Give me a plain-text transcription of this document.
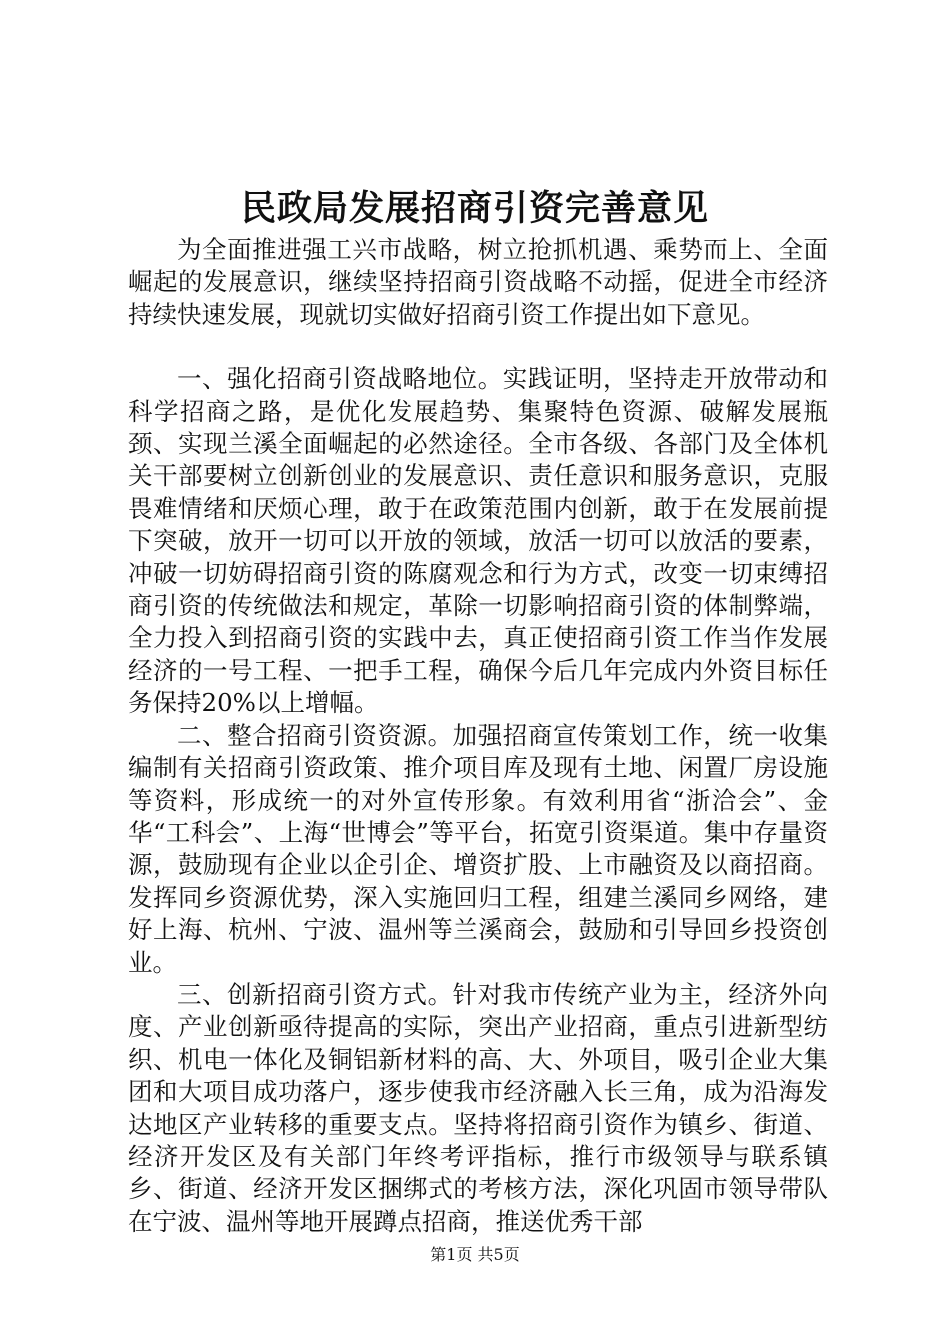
民政局发展招商引资完善意见

为全面推进强工兴市战略，树立抢抓机遇、乘势而上、全面崛起的发展意识，继续坚持招商引资战略不动摇，促进全市经济持续快速发展，现就切实做好招商引资工作提出如下意见。

一、强化招商引资战略地位。实践证明，坚持走开放带动和科学招商之路，是优化发展趋势、集聚特色资源、破解发展瓶颈、实现兰溪全面崛起的必然途径。全市各级、各部门及全体机关干部要树立创新创业的发展意识、责任意识和服务意识，克服畏难情绪和厌烦心理，敢于在政策范围内创新，敢于在发展前提下突破，放开一切可以开放的领域，放活一切可以放活的要素，冲破一切妨碍招商引资的陈腐观念和行为方式，改变一切束缚招商引资的传统做法和规定，革除一切影响招商引资的体制弊端，全力投入到招商引资的实践中去，真正使招商引资工作当作发展经济的一号工程、一把手工程，确保今后几年完成内外资目标任务保持20%以上增幅。

二、整合招商引资资源。加强招商宣传策划工作，统一收集编制有关招商引资政策、推介项目库及现有土地、闲置厂房设施等资料，形成统一的对外宣传形象。有效利用省“浙洽会”、金华“工科会”、上海“世博会”等平台，拓宽引资渠道。集中存量资源，鼓励现有企业以企引企、增资扩股、上市融资及以商招商。发挥同乡资源优势，深入实施回归工程，组建兰溪同乡网络，建好上海、杭州、宁波、温州等兰溪商会，鼓励和引导回乡投资创业。

三、创新招商引资方式。针对我市传统产业为主，经济外向度、产业创新亟待提高的实际，突出产业招商，重点引进新型纺织、机电一体化及铜铝新材料的高、大、外项目，吸引企业大集团和大项目成功落户，逐步使我市经济融入长三角，成为沿海发达地区产业转移的重要支点。坚持将招商引资作为镇乡、街道、经济开发区及有关部门年终考评指标，推行市级领导与联系镇乡、街道、经济开发区捆绑式的考核方法，深化巩固市领导带队在宁波、温州等地开展蹲点招商，推送优秀干部

第1页 共5页
